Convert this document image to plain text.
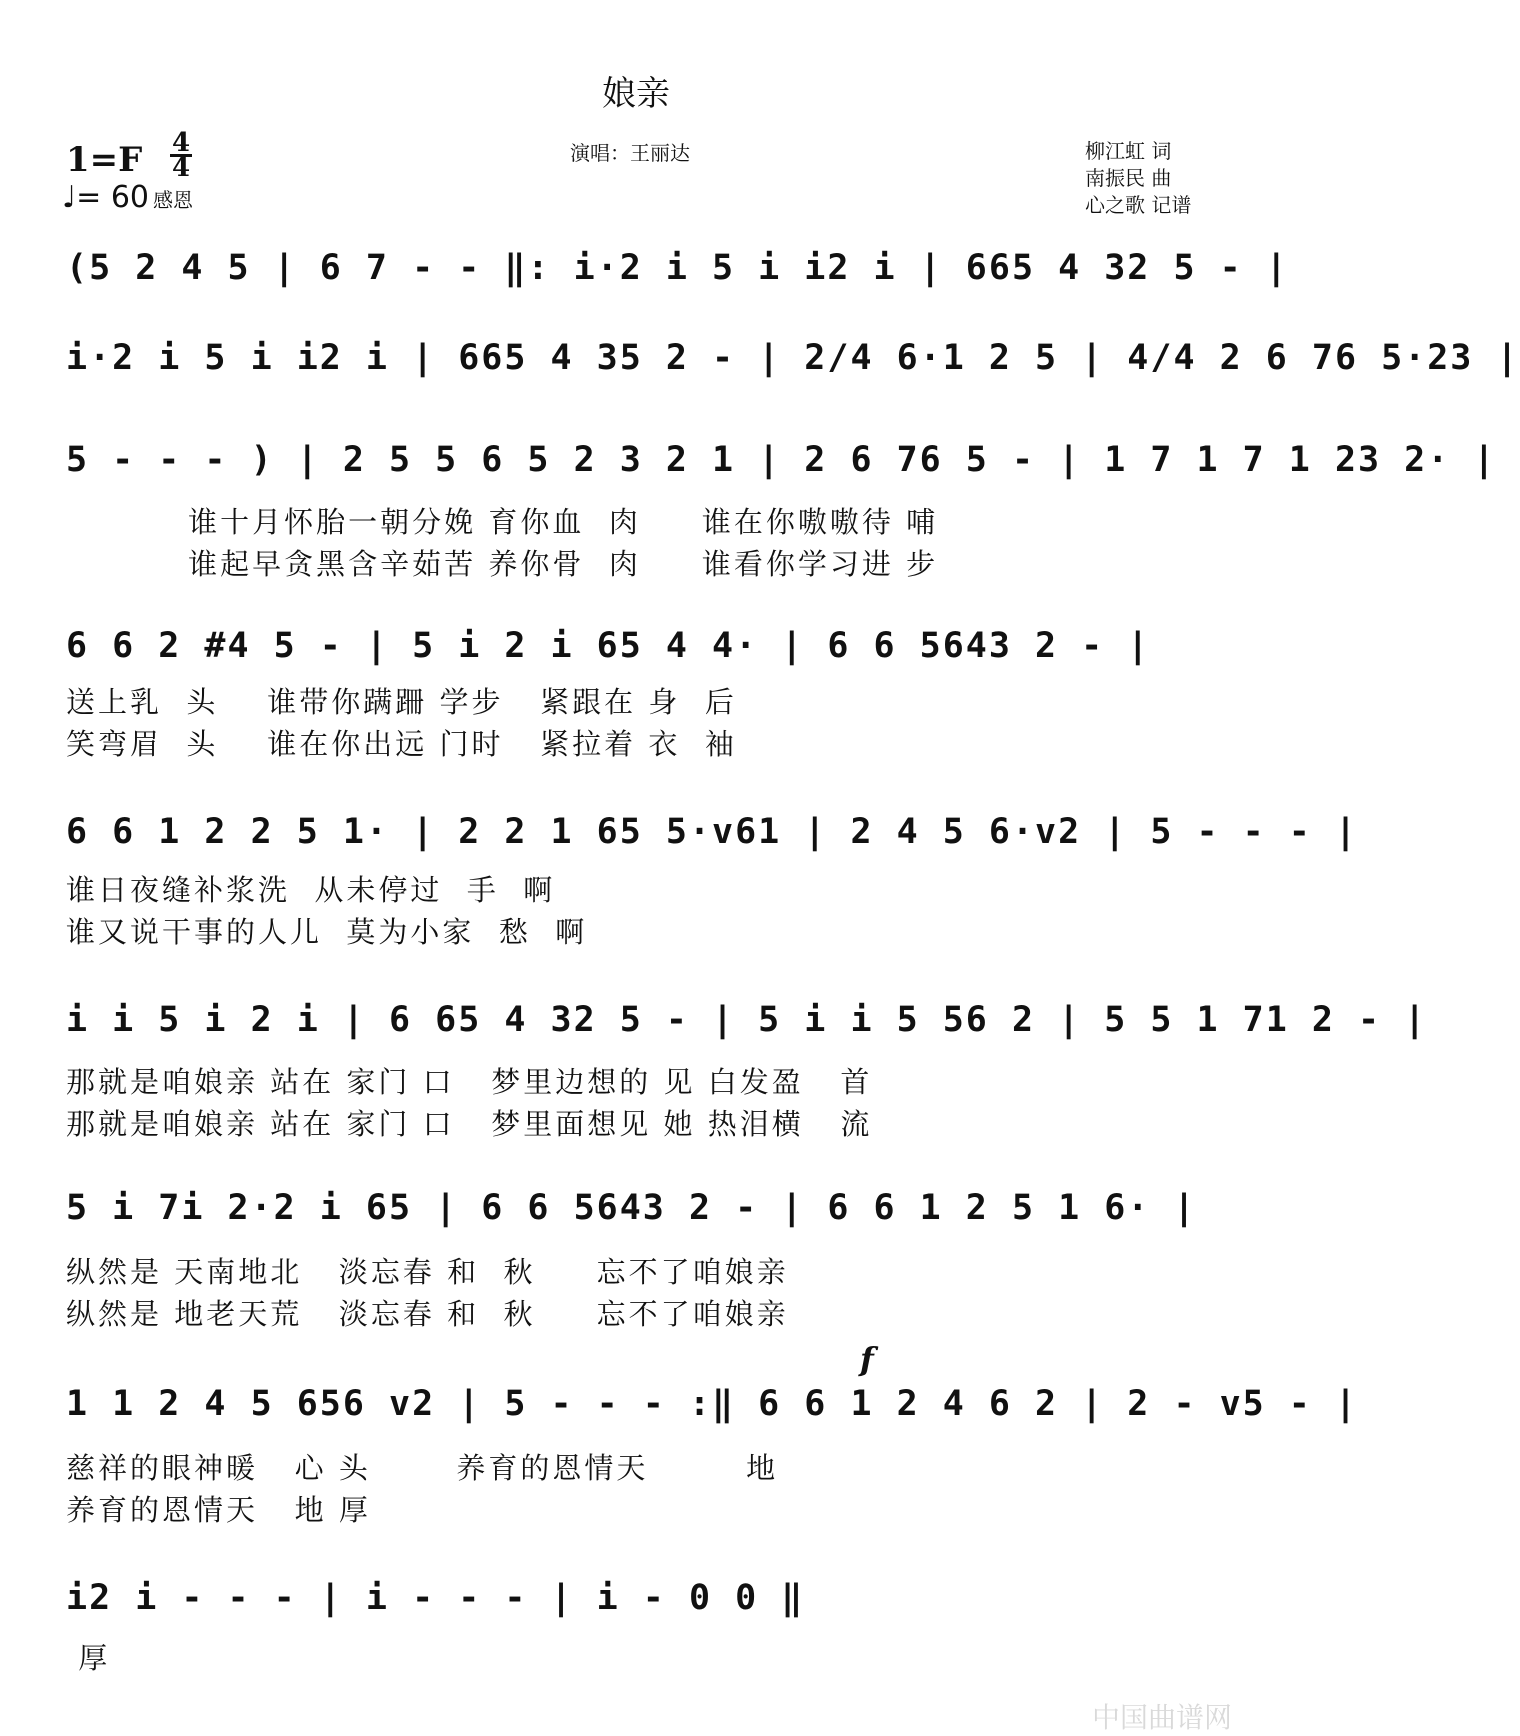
娘亲
演唱：王丽达	柳江虹 词
南振民 曲
心之歌 记谱
1=F 4
4
♩= 60 感恩
(5 2 4 5 | 6 7 - - ‖: i·2 i 5 i i2 i | 665 4 32 5 - |
i·2 i 5 i i2 i | 665 4 35 2 - | 2/4 6·1 2 5 | 4/4 2 6 76 5·23 |
5 - - - ) | 2 5 5 6 5 2 3 2 1 | 2 6 76 5 - | 1 7 1 7 1 23 2· |
谁十月怀胎一朝分娩 育你血  肉     谁在你嗷嗷待 哺
谁起早贪黑含辛茹苦 养你骨  肉     谁看你学习进 步
6 6 2 #4 5 - | 5 i 2 i 65 4 4· | 6 6 5643 2 - |
送上乳  头    谁带你蹒跚 学步   紧跟在 身  后
笑弯眉  头    谁在你出远 门时   紧拉着 衣  袖
6 6 1 2 2 5 1· | 2 2 1 65 5·v61 | 2 4 5 6·v2 | 5 - - - |
谁日夜缝补浆洗  从未停过  手  啊
谁又说干事的人儿  莫为小家  愁  啊
i i 5 i 2 i | 6 65 4 32 5 - | 5 i i 5 56 2 | 5 5 1 71 2 - |
那就是咱娘亲 站在 家门 口   梦里边想的 见 白发盈   首
那就是咱娘亲 站在 家门 口   梦里面想见 她 热泪横   流
5 i 7i 2·2 i 65 | 6 6 5643 2 - | 6 6 1 2 5 1 6· |
纵然是 天南地北   淡忘春 和  秋     忘不了咱娘亲
纵然是 地老天荒   淡忘春 和  秋     忘不了咱娘亲
f
1 1 2 4 5 656 v2 | 5 - - - :‖ 6 6 1 2 4 6 2 | 2 - v5 - |
慈祥的眼神暖   心 头       养育的恩情天        地
养育的恩情天   地 厚
i2 i - - - | i - - - | i - 0 0 ‖
厚
中国曲谱网
